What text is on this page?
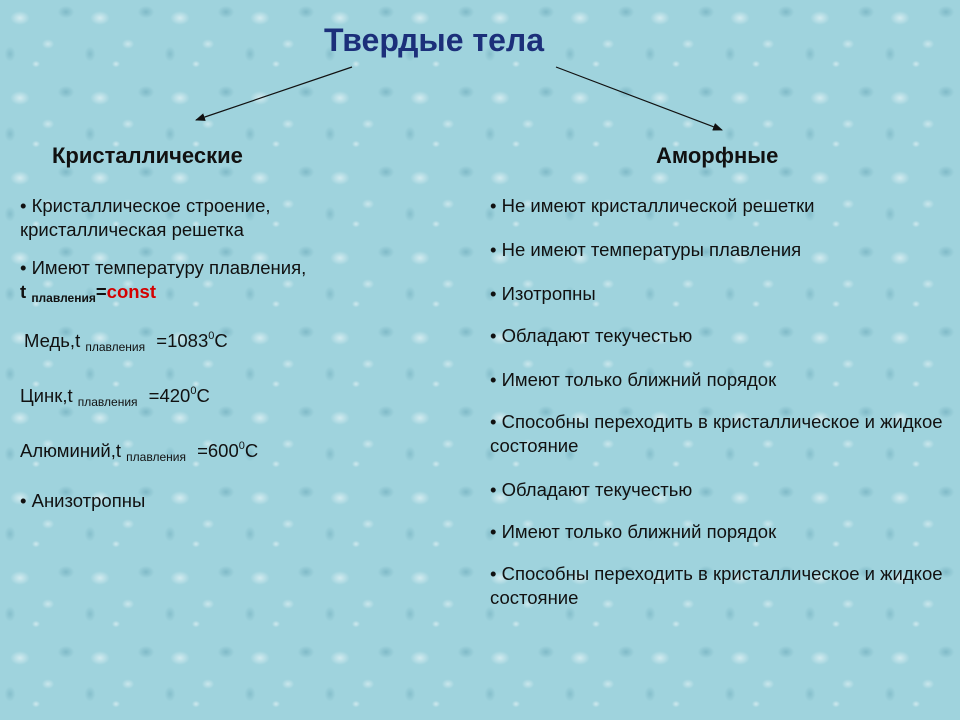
Твердые тела
Кристаллические	Аморфные
• Кристаллическое строение, кристаллическая решетка
• Имеют температуру плавления,
t $_{плавления}$=const
Медь,t $_{плавления} =1083^0C$
Цинк,t $_{плавления} =420^0C$
Алюминий,t $_{плавления} =600^0C$
• Анизотропны
• Не имеют кристаллической решетки
• Не имеют температуры плавления
• Изотропны
• Обладают текучестью
• Имеют только ближний порядок
• Способны переходить в кристаллическое и жидкое состояние
• Обладают текучестью
• Имеют только ближний порядок
• Способны переходить в кристаллическое и жидкое состояние
